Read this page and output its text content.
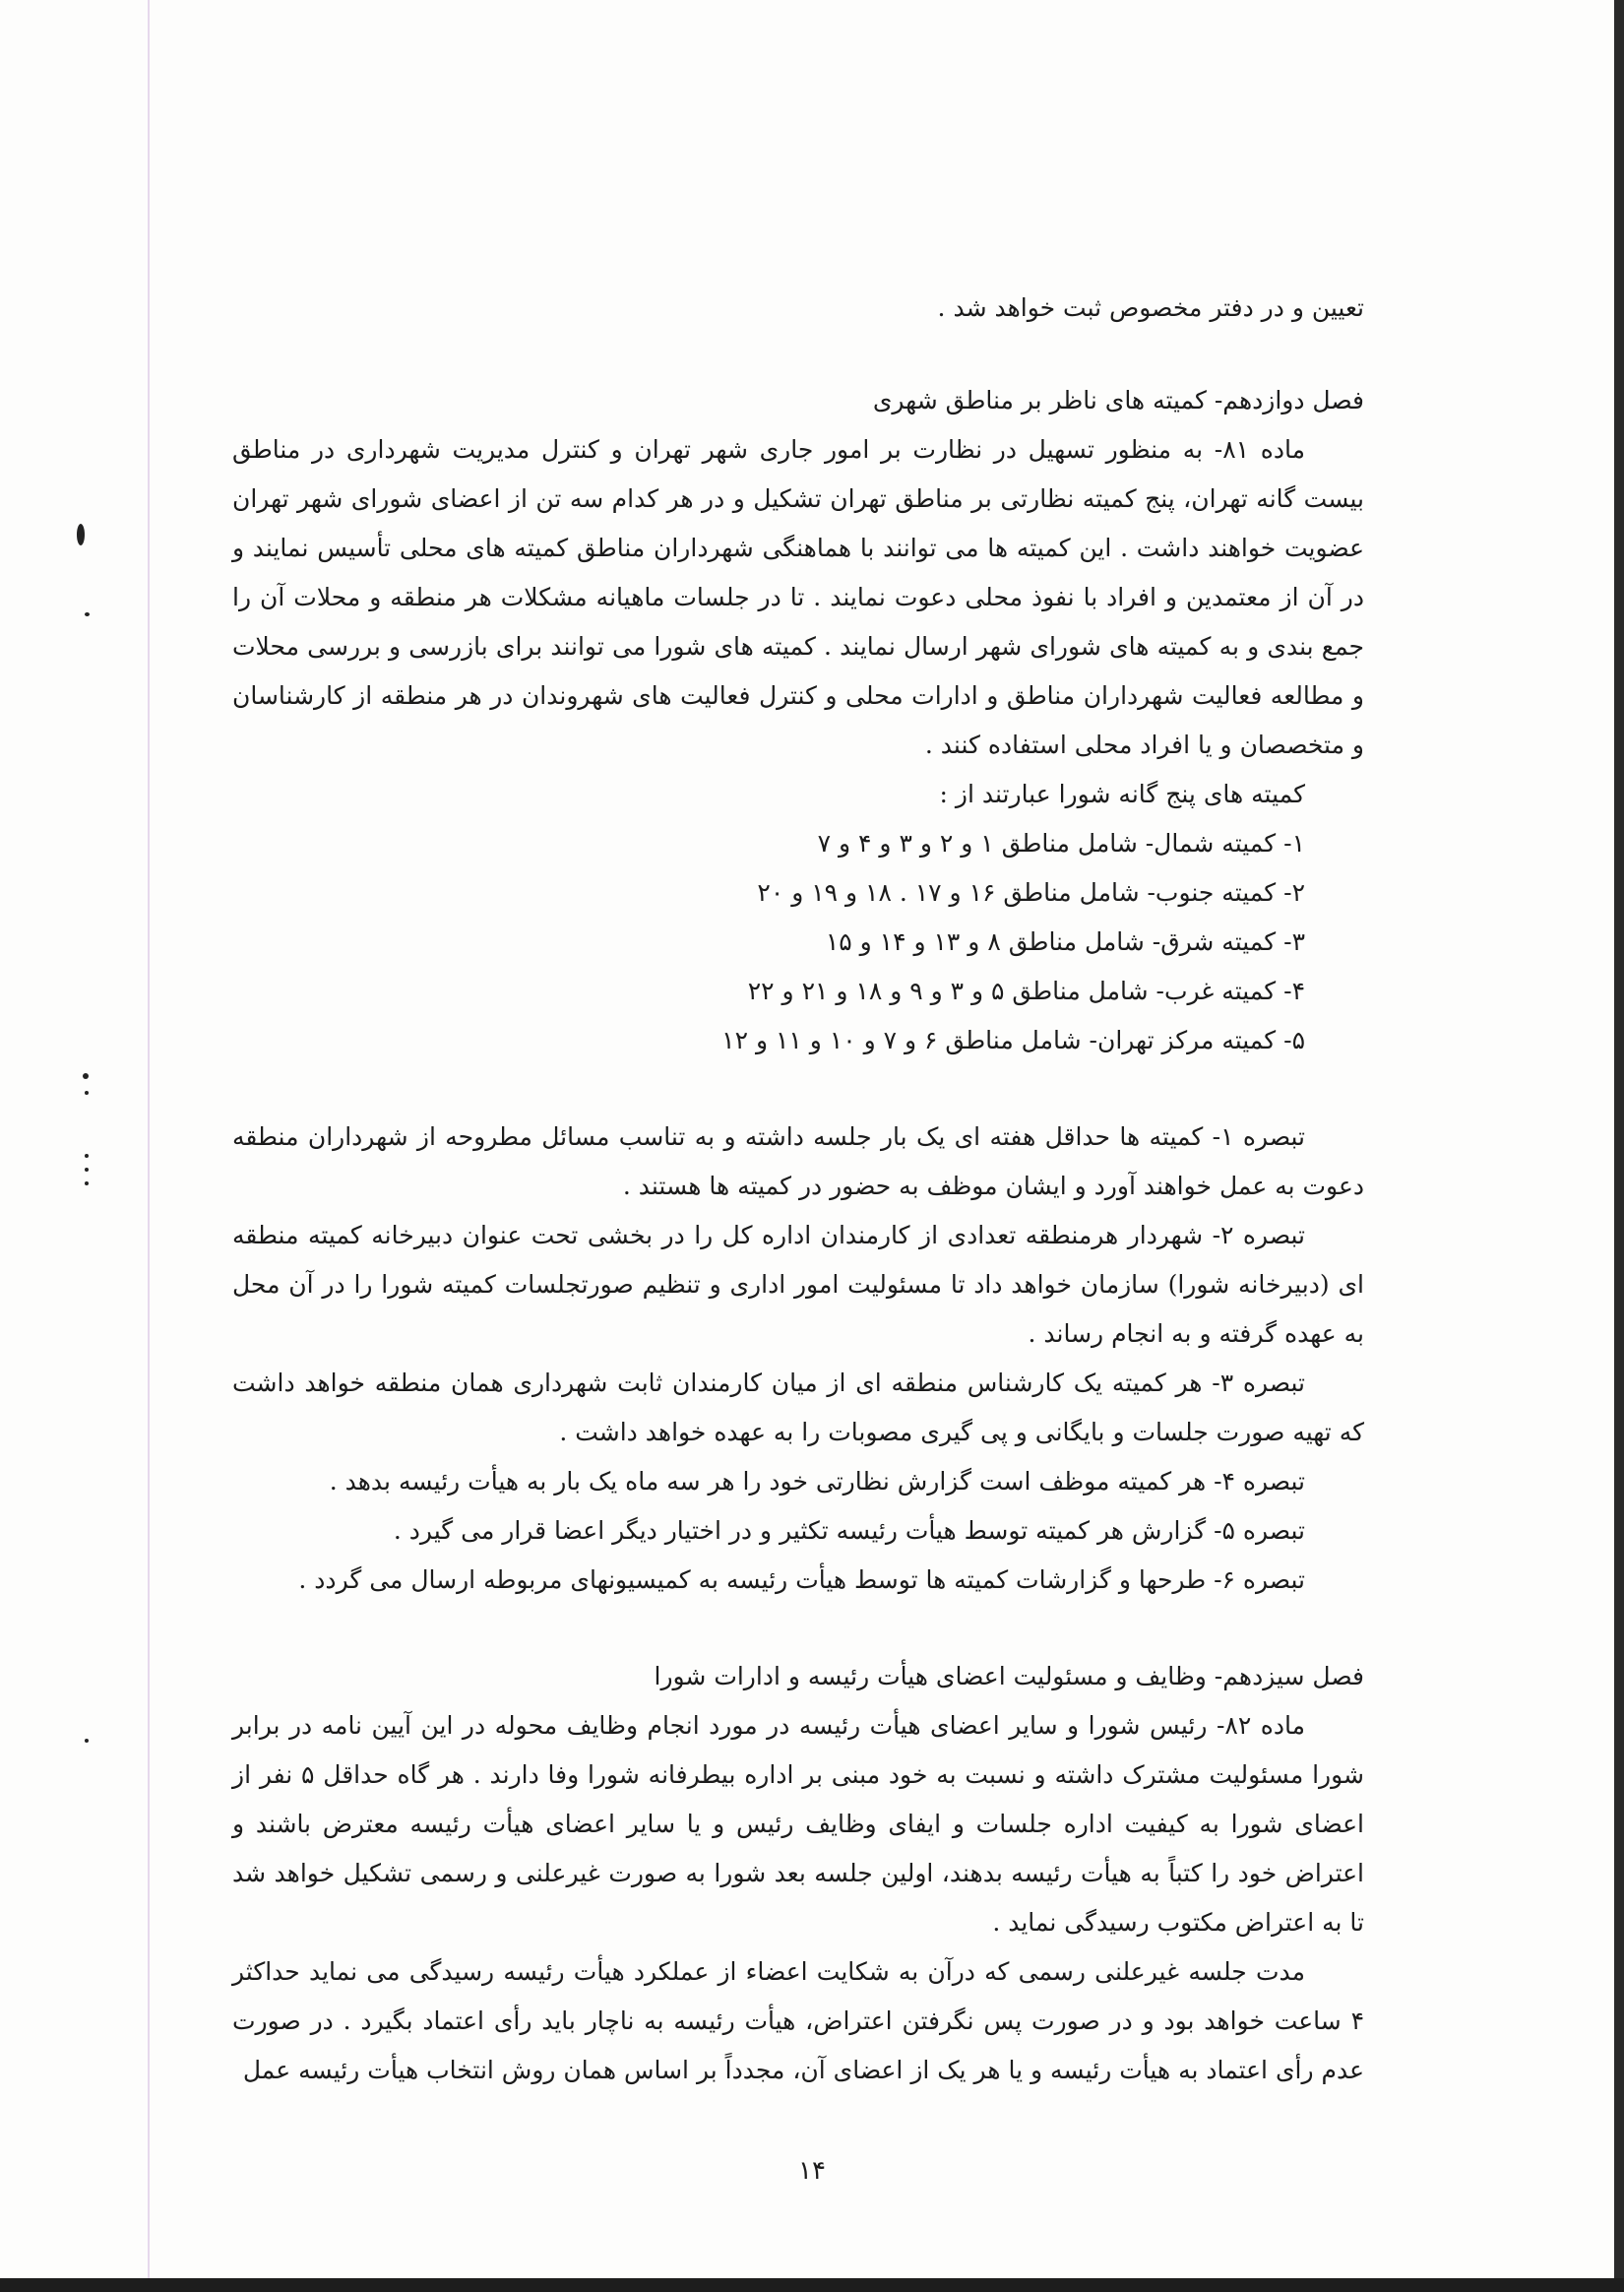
تعیین و در دفتر مخصوص ثبت خواهد شد .

فصل دوازدهم- کمیته های ناظر بر مناطق شهری

ماده ۸۱- به منظور تسهیل در نظارت بر امور جاری شهر تهران و کنترل مدیریت شهرداری در مناطق بیست گانه تهران، پنج کمیته نظارتی بر مناطق تهران تشکیل و در هر کدام سه تن از اعضای شورای شهر تهران عضویت خواهند داشت . این کمیته ها می توانند با هماهنگی شهرداران مناطق کمیته های محلی تأسیس نمایند و در آن از معتمدین و افراد با نفوذ محلی دعوت نمایند . تا در جلسات ماهیانه مشکلات هر منطقه و محلات آن را جمع بندی و به کمیته های شورای شهر ارسال نمایند . کمیته های شورا می توانند برای بازرسی و بررسی محلات و مطالعه فعالیت شهرداران مناطق و ادارات محلی و کنترل فعالیت های شهروندان در هر منطقه از کارشناسان و متخصصان و یا افراد محلی استفاده کنند .

کمیته های پنج گانه شورا عبارتند از :

۱- کمیته شمال- شامل مناطق ۱ و ۲ و ۳ و ۴ و ۷

۲- کمیته جنوب- شامل مناطق ۱۶ و ۱۷ . ۱۸ و ۱۹ و ۲۰

۳- کمیته شرق- شامل مناطق ۸ و ۱۳ و ۱۴ و ۱۵

۴- کمیته غرب- شامل مناطق ۵ و ۳ و ۹ و ۱۸ و ۲۱ و ۲۲

۵- کمیته مرکز تهران- شامل مناطق ۶ و ۷ و ۱۰ و ۱۱ و ۱۲

تبصره ۱- کمیته ها حداقل هفته ای یک بار جلسه داشته و به تناسب مسائل مطروحه از شهرداران منطقه دعوت به عمل خواهند آورد و ایشان موظف به حضور در کمیته ها هستند .

تبصره ۲- شهردار هرمنطقه تعدادی از کارمندان اداره کل را در بخشی تحت عنوان دبیرخانه کمیته منطقه ای (دبیرخانه شورا) سازمان خواهد داد تا مسئولیت امور اداری و تنظیم صورتجلسات کمیته شورا را در آن محل به عهده گرفته و به انجام رساند .

تبصره ۳- هر کمیته یک کارشناس منطقه ای از میان کارمندان ثابت شهرداری همان منطقه خواهد داشت که تهیه صورت جلسات و بایگانی و پی گیری مصوبات را به عهده خواهد داشت .

تبصره ۴- هر کمیته موظف است گزارش نظارتی خود را هر سه ماه یک بار به هیأت رئیسه بدهد .

تبصره ۵- گزارش هر کمیته توسط هیأت رئیسه تکثیر و در اختیار دیگر اعضا قرار می گیرد .

تبصره ۶- طرحها و گزارشات کمیته ها توسط هیأت رئیسه به کمیسیونهای مربوطه ارسال می گردد .

فصل سیزدهم- وظایف و مسئولیت اعضای هیأت رئیسه و ادارات شورا

ماده ۸۲- رئیس شورا و سایر اعضای هیأت رئیسه در مورد انجام وظایف محوله در این آیین نامه در برابر شورا مسئولیت مشترک داشته و نسبت به خود مبنی بر اداره بیطرفانه شورا وفا دارند . هر گاه حداقل ۵ نفر از اعضای شورا به کیفیت اداره جلسات و ایفای وظایف رئیس و یا سایر اعضای هیأت رئیسه معترض باشند و اعتراض خود را کتباً به هیأت رئیسه بدهند، اولین جلسه بعد شورا به صورت غیرعلنی و رسمی تشکیل خواهد شد تا به اعتراض مکتوب رسیدگی نماید .

مدت جلسه غیرعلنی رسمی که درآن به شکایت اعضاء از عملکرد هیأت رئیسه رسیدگی می نماید حداکثر ۴ ساعت خواهد بود و در صورت پس نگرفتن اعتراض، هیأت رئیسه به ناچار باید رأی اعتماد بگیرد . در صورت عدم رأی اعتماد به هیأت رئیسه و یا هر یک از اعضای آن، مجدداً بر اساس همان روش انتخاب هیأت رئیسه عمل

۱۴
